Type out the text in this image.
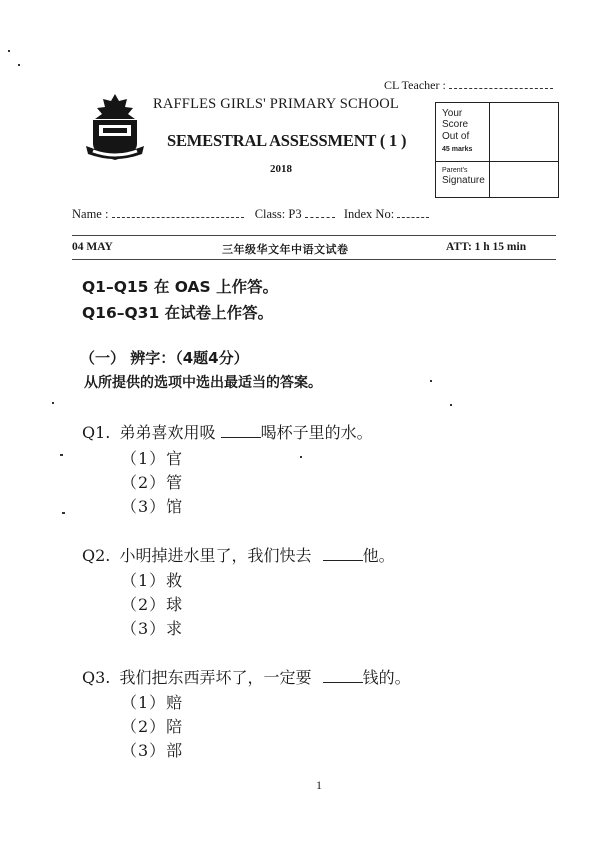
CL Teacher :
RAFFLES GIRLS' PRIMARY SCHOOL
SEMESTRAL ASSESSMENT ( 1 )
2018
Your
Score
Out of
45 marks
Parent's
Signature
Name :	Class: P3	Index No:
04 MAY	三年级华文年中语文试卷	ATT: 1 h 15 min
Q1–Q15 在 OAS 上作答。
Q16–Q31 在试卷上作答。
（一） 辨字：（4题4分）
从所提供的选项中选出最适当的答案。
Q1. 弟弟喜欢用吸	喝杯子里的水。
（1）官
（2）管
（3）馆
Q2. 小明掉进水里了，我们快去	他。
（1）救
（2）球
（3）求
Q3. 我们把东西弄坏了，一定要	钱的。
（1）赔
（2）陪
（3）部
1
